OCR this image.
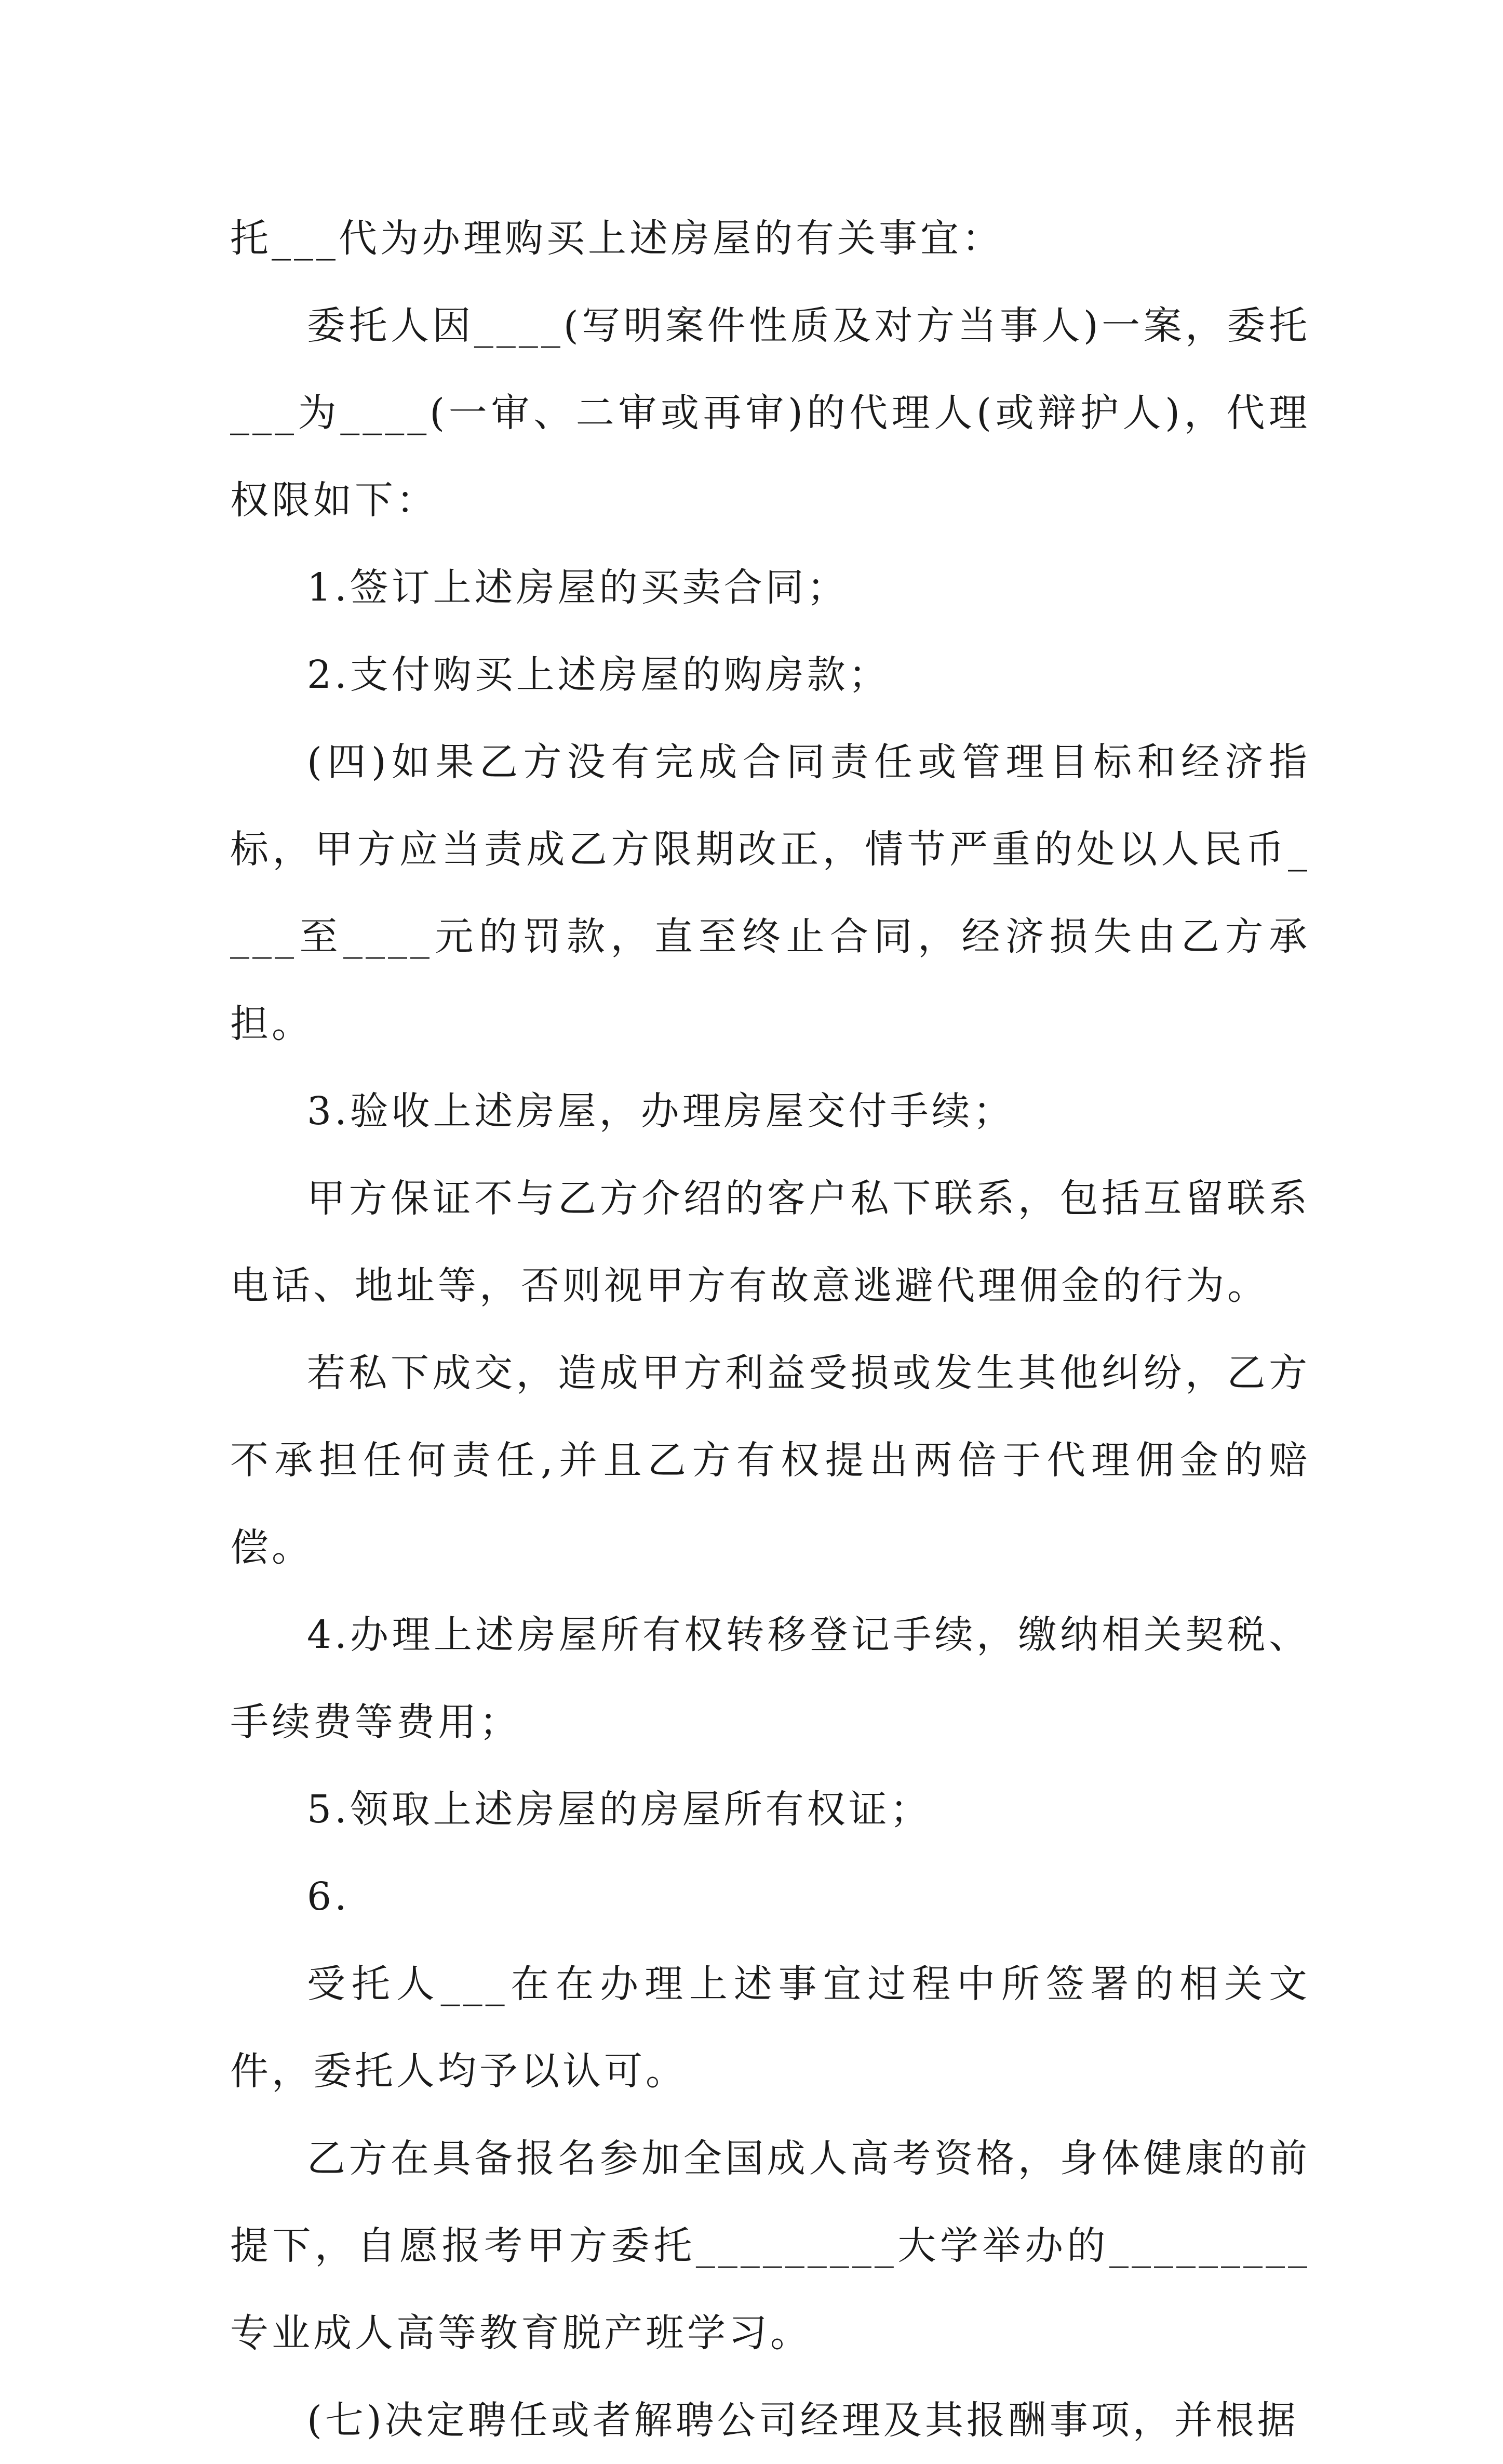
托___代为办理购买上述房屋的有关事宜：

委托人因____(写明案件性质及对方当事人)一案，委托___为____(一审、二审或再审)的代理人(或辩护人)，代理权限如下：

1.签订上述房屋的买卖合同；

2.支付购买上述房屋的购房款；

(四)如果乙方没有完成合同责任或管理目标和经济指标，甲方应当责成乙方限期改正，情节严重的处以人民币____至____元的罚款，直至终止合同，经济损失由乙方承担。

3.验收上述房屋，办理房屋交付手续；

甲方保证不与乙方介绍的客户私下联系，包括互留联系电话、地址等，否则视甲方有故意逃避代理佣金的行为。

若私下成交，造成甲方利益受损或发生其他纠纷，乙方不承担任何责任,并且乙方有权提出两倍于代理佣金的赔偿。

4.办理上述房屋所有权转移登记手续，缴纳相关契税、手续费等费用；

5.领取上述房屋的房屋所有权证；

6.

受托人___在在办理上述事宜过程中所签署的相关文件，委托人均予以认可。

乙方在具备报名参加全国成人高考资格，身体健康的前提下，自愿报考甲方委托_________大学举办的_________专业成人高等教育脱产班学习。

(七)决定聘任或者解聘公司经理及其报酬事项，并根据
